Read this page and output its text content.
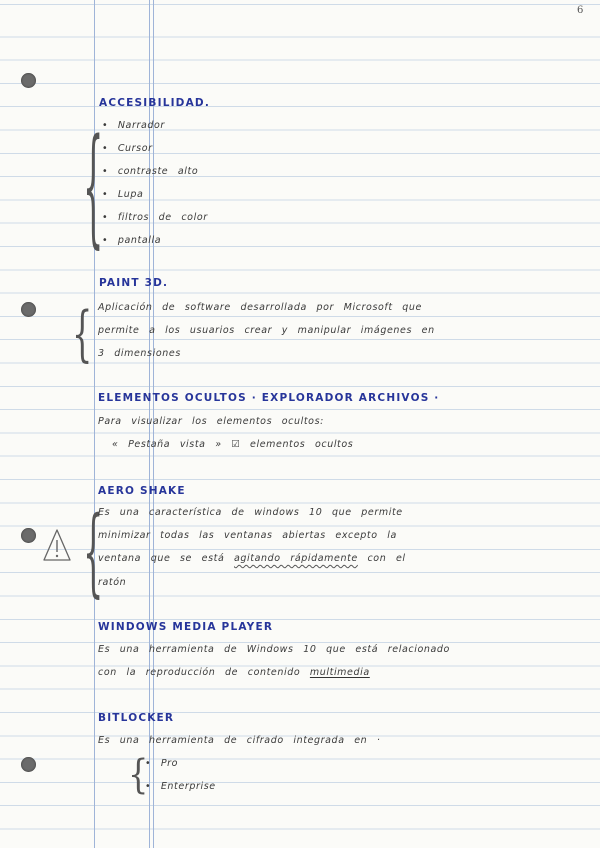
6
ACCESIBILIDAD.
{
• Narrador
• Cursor
• contraste alto
• Lupa
• filtros de color
• pantalla
PAINT 3D.
{ Aplicación de software desarrollada por Microsoft que
permite a los usuarios crear y manipular imágenes en
3 dimensiones
ELEMENTOS OCULTOS · EXPLORADOR ARCHIVOS ·
Para visualizar los elementos ocultos:
« Pestaña vista » ☑ elementos ocultos
AERO SHAKE
{
Es una característica de windows 10 que permite
minimizar todas las ventanas abiertas excepto la
ventana que se está agitando rápidamente con el
ratón
WINDOWS MEDIA PLAYER
Es una herramienta de Windows 10 que está relacionado
con la reproducción de contenido multimedia
BITLOCKER
Es una herramienta de cifrado integrada en ·
{
• Pro
• Enterprise
